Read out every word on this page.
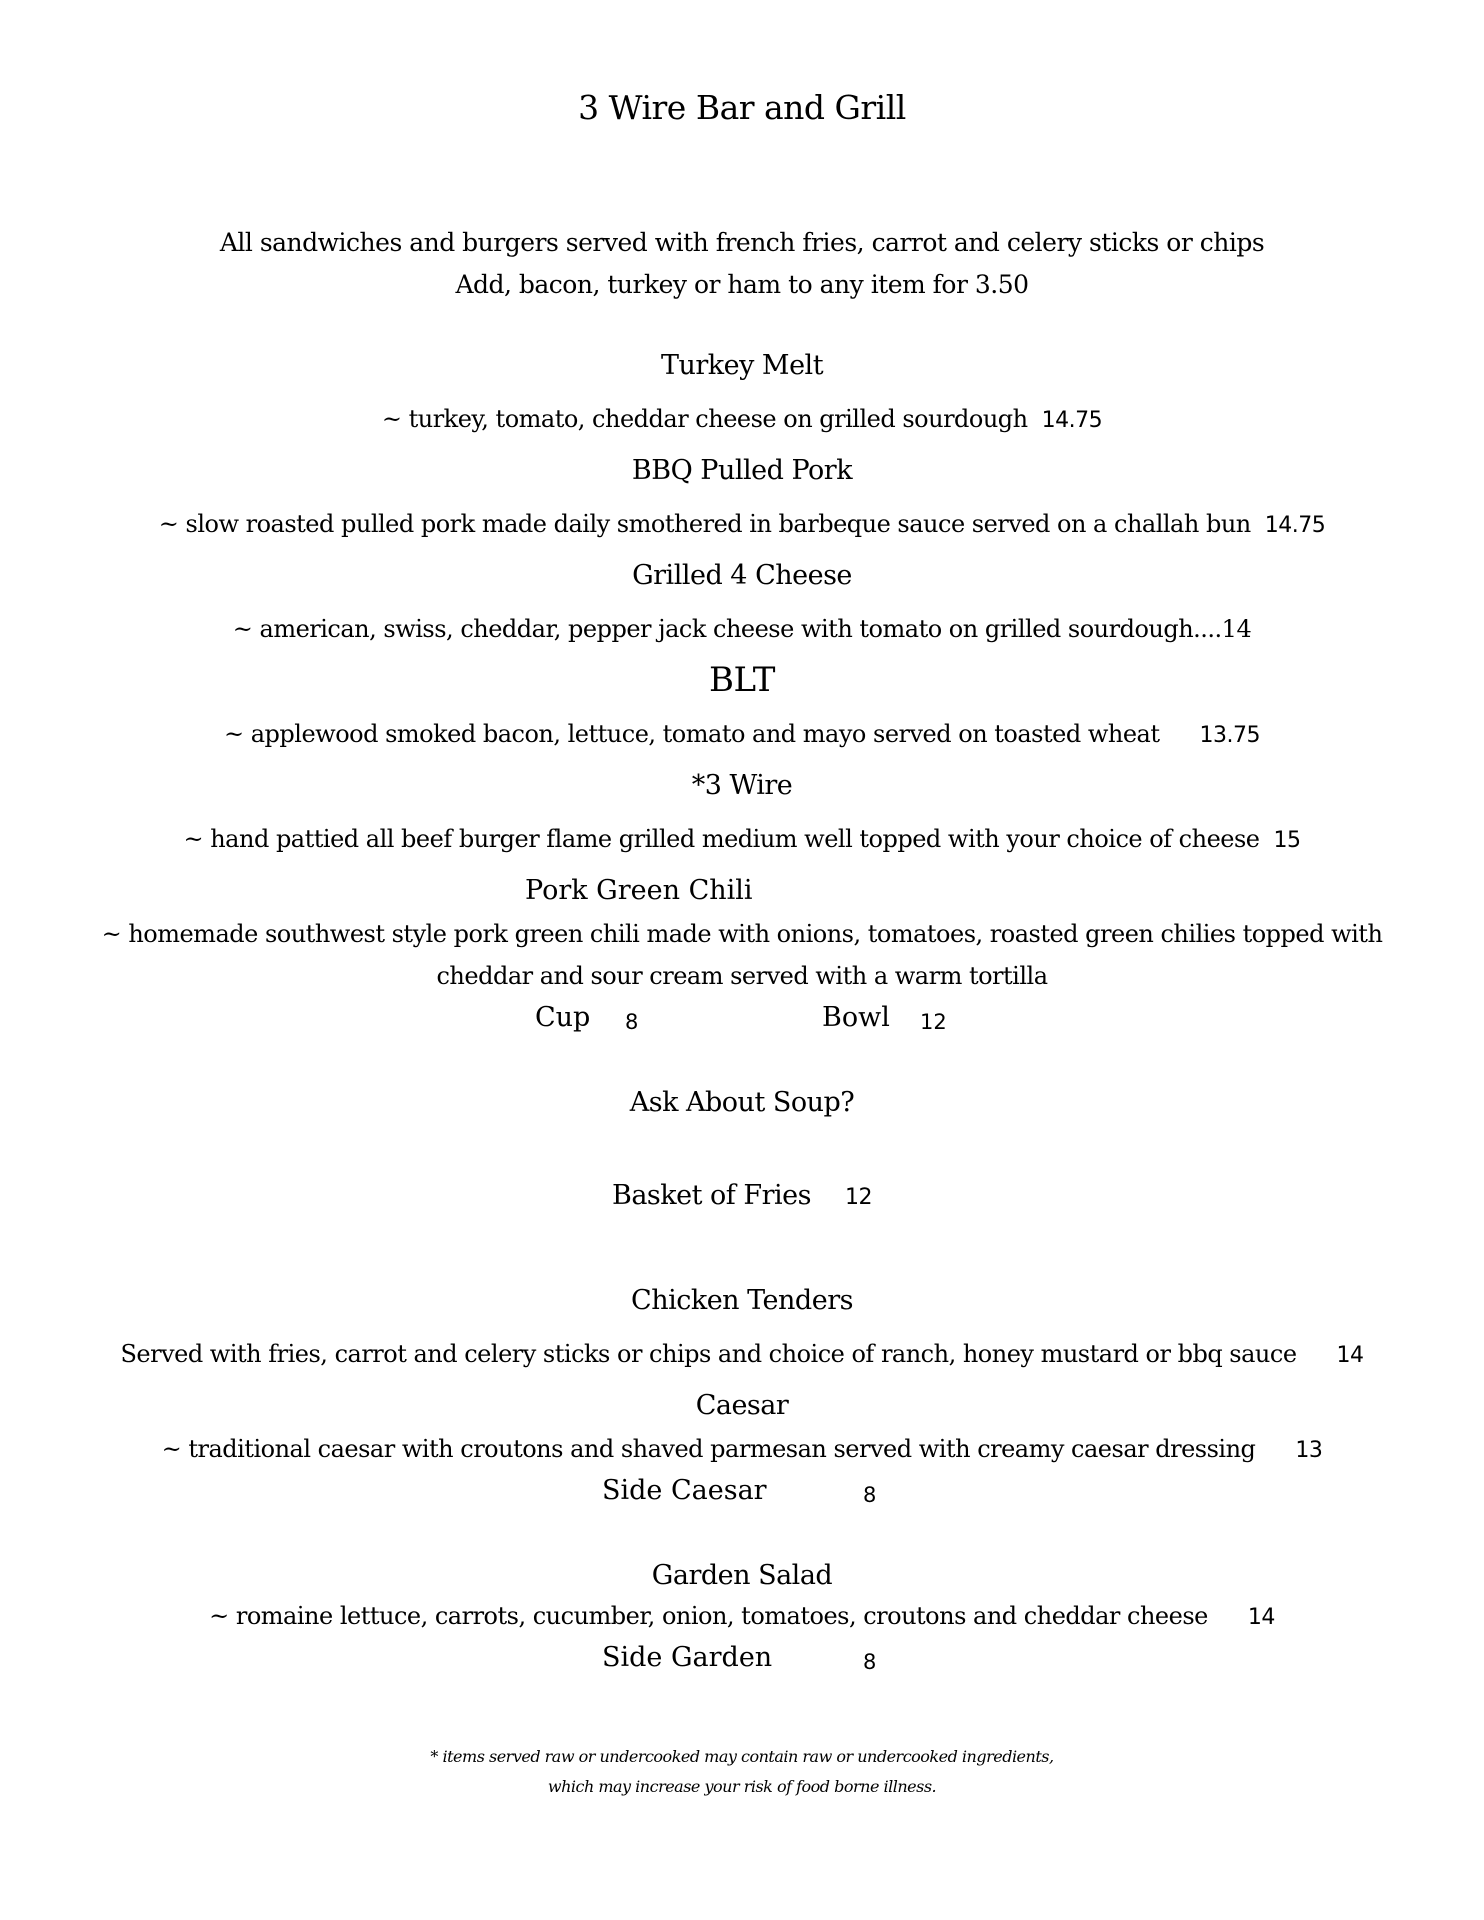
3 Wire Bar and Grill
All sandwiches and burgers served with french fries, carrot and celery sticks or chips
Add, bacon, turkey or ham to any item for 3.50
Turkey Melt
~ turkey, tomato, cheddar cheese on grilled sourdough 14.75
BBQ Pulled Pork
~ slow roasted pulled pork made daily smothered in barbeque sauce served on a challah bun 14.75
Grilled 4 Cheese
~ american, swiss, cheddar, pepper jack cheese with tomato on grilled sourdough....14
BLT
~ applewood smoked bacon, lettuce, tomato and mayo served on toasted wheat 13.75
*3 Wire
~ hand pattied all beef burger flame grilled medium well topped with your choice of cheese 15
Pork Green Chili
~ homemade southwest style pork green chili made with onions, tomatoes, roasted green chilies topped with
cheddar and sour cream served with a warm tortilla
Cup 8	Bowl 12
Ask About Soup?
Basket of Fries 12
Chicken Tenders
Served with fries, carrot and celery sticks or chips and choice of ranch, honey mustard or bbq sauce 14
Caesar
~ traditional caesar with croutons and shaved parmesan served with creamy caesar dressing 13
Side Caesar	8
Garden Salad
~ romaine lettuce, carrots, cucumber, onion, tomatoes, croutons and cheddar cheese 14
Side Garden	8
* items served raw or undercooked may contain raw or undercooked ingredients,
which may increase your risk of food borne illness.
